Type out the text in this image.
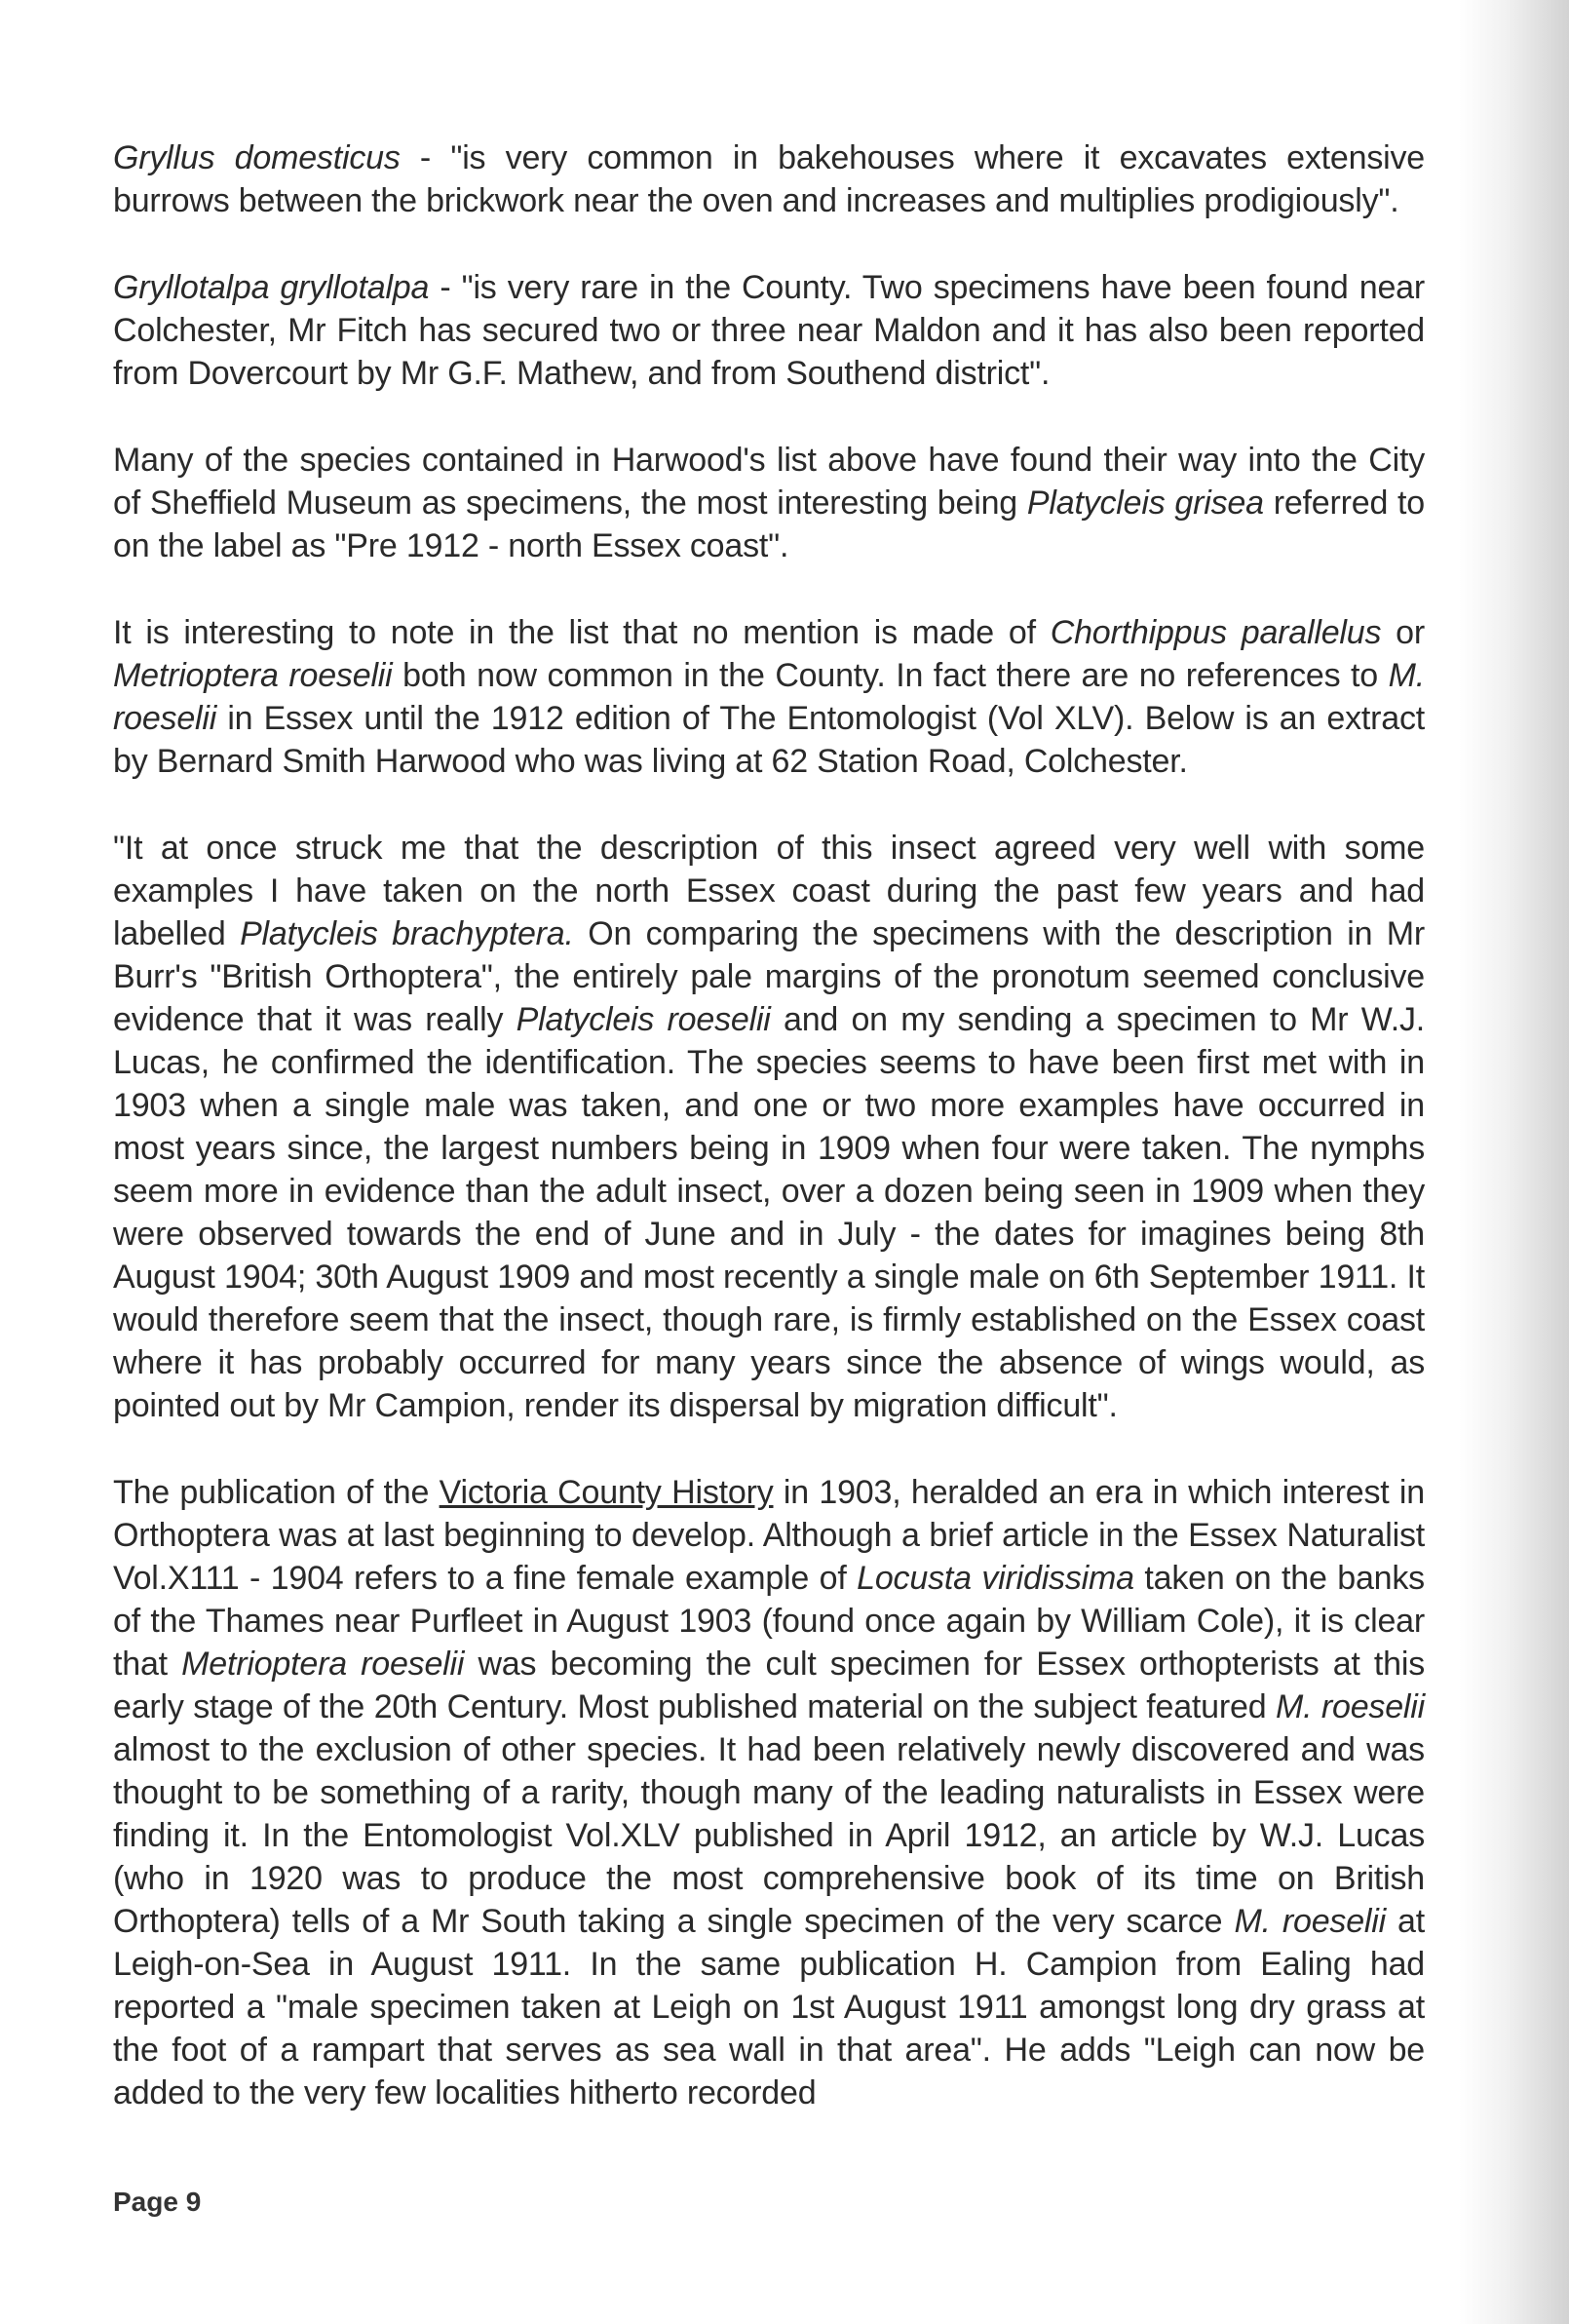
Gryllus domesticus - "is very common in bakehouses where it excavates extensive burrows between the brickwork near the oven and increases and multiplies prodigiously".

Gryllotalpa gryllotalpa - "is very rare in the County. Two specimens have been found near Colchester, Mr Fitch has secured two or three near Maldon and it has also been reported from Dovercourt by Mr G.F. Mathew, and from Southend district".

Many of the species contained in Harwood's list above have found their way into the City of Sheffield Museum as specimens, the most interesting being Platycleis grisea referred to on the label as "Pre 1912 - north Essex coast".

It is interesting to note in the list that no mention is made of Chorthippus parallelus or Metrioptera roeselii both now common in the County. In fact there are no references to M. roeselii in Essex until the 1912 edition of The Entomologist (Vol XLV). Below is an extract by Bernard Smith Harwood who was living at 62 Station Road, Colchester.

"It at once struck me that the description of this insect agreed very well with some examples I have taken on the north Essex coast during the past few years and had labelled Platycleis brachyptera. On comparing the specimens with the description in Mr Burr's "British Orthoptera", the entirely pale margins of the pronotum seemed conclusive evidence that it was really Platycleis roeselii and on my sending a specimen to Mr W.J. Lucas, he confirmed the identification. The species seems to have been first met with in 1903 when a single male was taken, and one or two more examples have occurred in most years since, the largest numbers being in 1909 when four were taken. The nymphs seem more in evidence than the adult insect, over a dozen being seen in 1909 when they were observed towards the end of June and in July - the dates for imagines being 8th August 1904; 30th August 1909 and most recently a single male on 6th September 1911. It would therefore seem that the insect, though rare, is firmly established on the Essex coast where it has probably occurred for many years since the absence of wings would, as pointed out by Mr Campion, render its dispersal by migration difficult".

The publication of the Victoria County History in 1903, heralded an era in which interest in Orthoptera was at last beginning to develop. Although a brief article in the Essex Naturalist Vol.X111 - 1904 refers to a fine female example of Locusta viridissima taken on the banks of the Thames near Purfleet in August 1903 (found once again by William Cole), it is clear that Metrioptera roeselii was becoming the cult specimen for Essex orthopterists at this early stage of the 20th Century. Most published material on the subject featured M. roeselii almost to the exclusion of other species. It had been relatively newly discovered and was thought to be something of a rarity, though many of the leading naturalists in Essex were finding it. In the Entomologist Vol.XLV published in April 1912, an article by W.J. Lucas (who in 1920 was to produce the most comprehensive book of its time on British Orthoptera) tells of a Mr South taking a single specimen of the very scarce M. roeselii at Leigh-on-Sea in August 1911. In the same publication H. Campion from Ealing had reported a "male specimen taken at Leigh on 1st August 1911 amongst long dry grass at the foot of a rampart that serves as sea wall in that area". He adds "Leigh can now be added to the very few localities hitherto recorded

Page 9
